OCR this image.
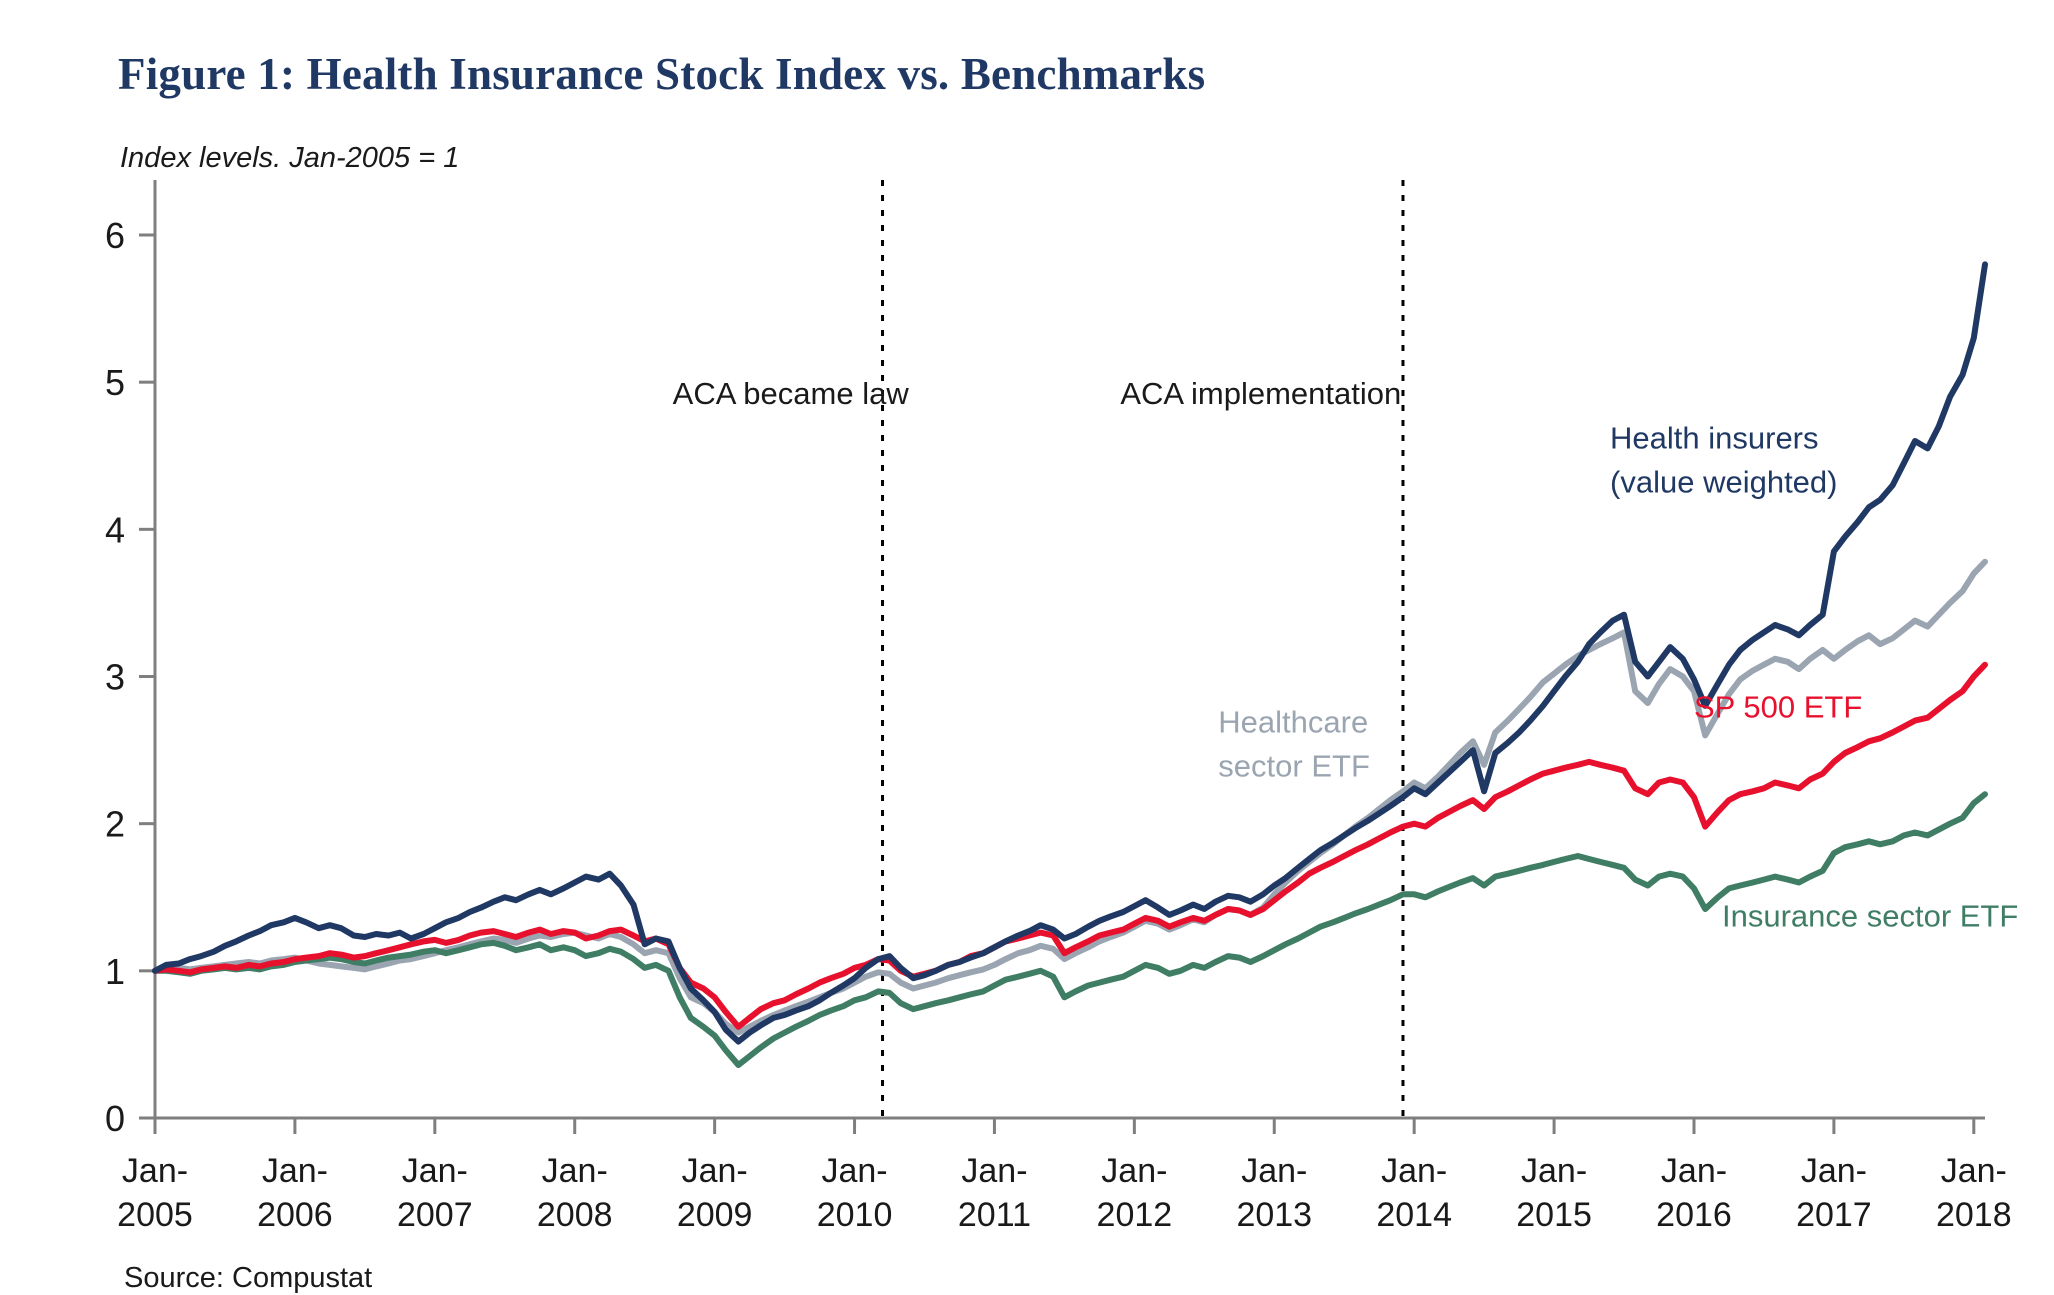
Figure 1: Health Insurance Stock Index vs. Benchmarks
Index levels. Jan-2005 = 1
Source: Compustat
0
1
2
3
4
5
6
Jan-2005
Jan-2006
Jan-2007
Jan-2008
Jan-2009
Jan-2010
Jan-2011
Jan-2012
Jan-2013
Jan-2014
Jan-2015
Jan-2016
Jan-2017
Jan-2018
ACA became law	ACA implementation
Health insurers (value weighted)
Healthcare sector ETF
SP 500 ETF
Insurance sector ETF
